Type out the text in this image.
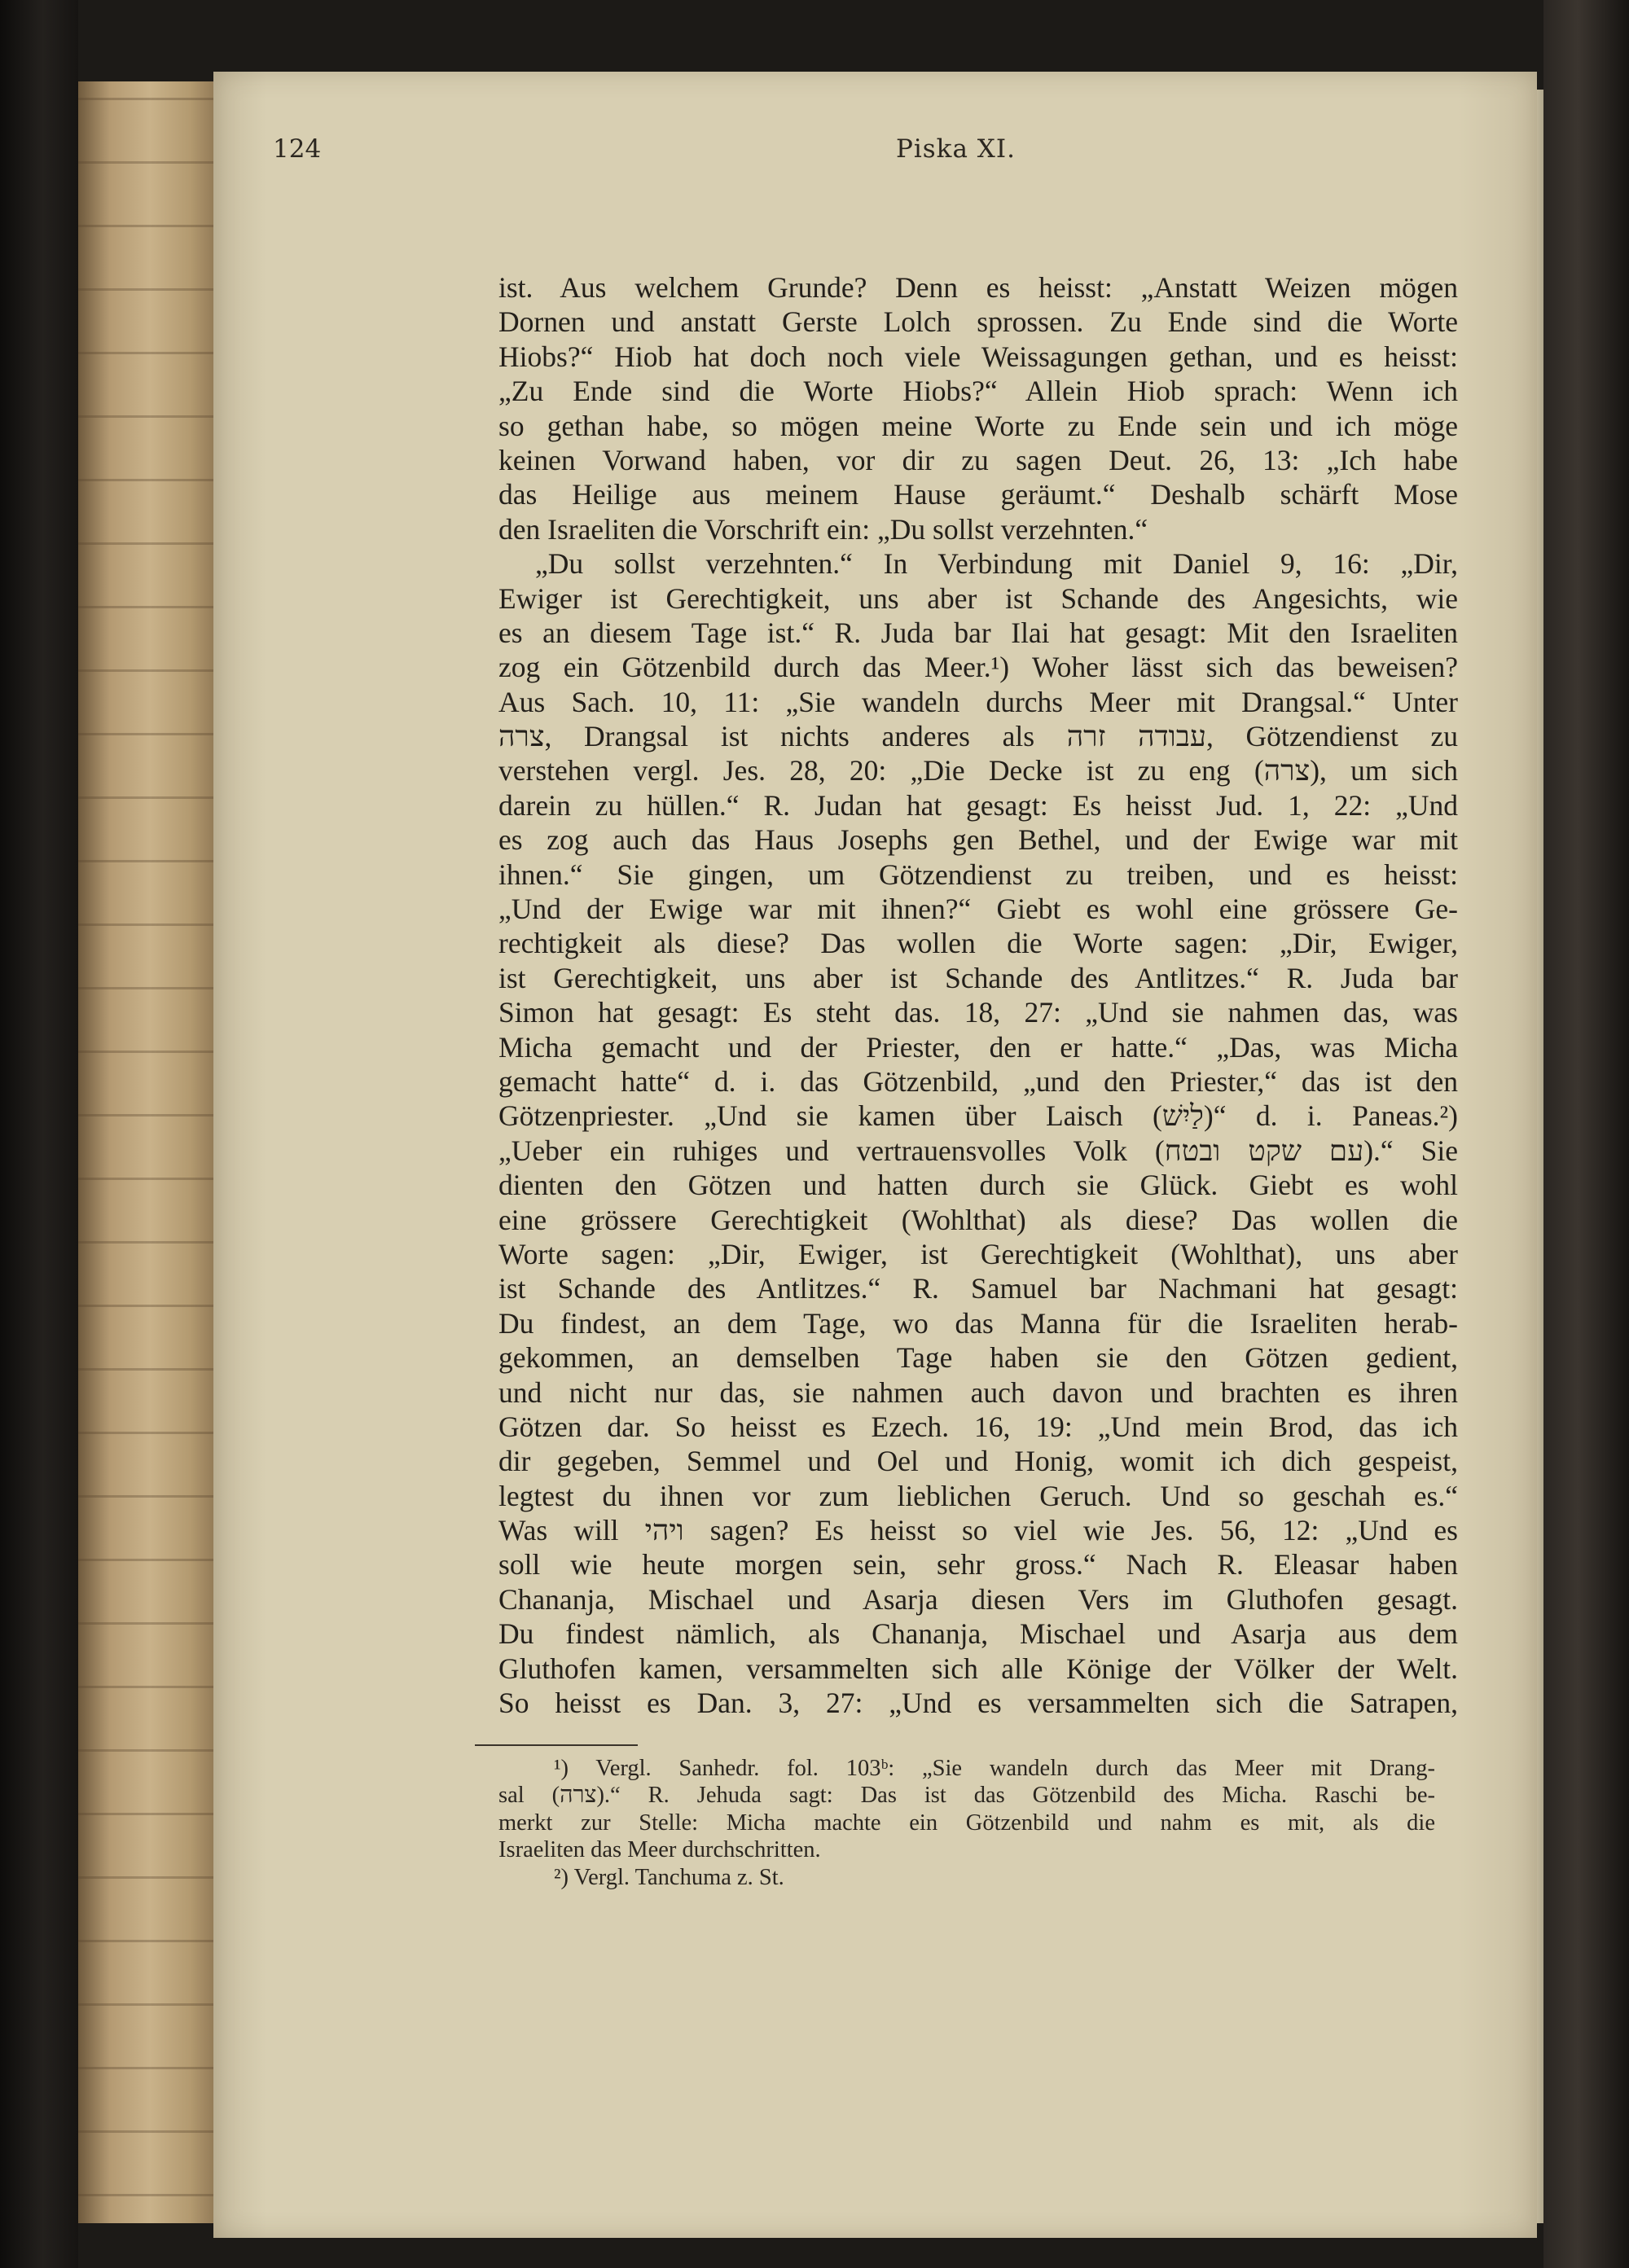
124	Piska XI.
ist. Aus welchem Grunde? Denn es heisst: „Anstatt Weizen mögen
Dornen und anstatt Gerste Lolch sprossen. Zu Ende sind die Worte
Hiobs?“ Hiob hat doch noch viele Weissagungen gethan, und es heisst:
„Zu Ende sind die Worte Hiobs?“ Allein Hiob sprach: Wenn ich
so gethan habe, so mögen meine Worte zu Ende sein und ich möge
keinen Vorwand haben, vor dir zu sagen Deut. 26, 13: „Ich habe
das Heilige aus meinem Hause geräumt.“ Deshalb schärft Mose
den Israeliten die Vorschrift ein: „Du sollst verzehnten.“
„Du sollst verzehnten.“ In Verbindung mit Daniel 9, 16: „Dir,
Ewiger ist Gerechtigkeit, uns aber ist Schande des Angesichts, wie
es an diesem Tage ist.“ R. Juda bar Ilai hat gesagt: Mit den Israeliten
zog ein Götzenbild durch das Meer.¹) Woher lässt sich das beweisen?
Aus Sach. 10, 11: „Sie wandeln durchs Meer mit Drangsal.“ Unter
צרה, Drangsal ist nichts anderes als עבודה זרה, Götzendienst zu
verstehen vergl. Jes. 28, 20: „Die Decke ist zu eng (צרה), um sich
darein zu hüllen.“ R. Judan hat gesagt: Es heisst Jud. 1, 22: „Und
es zog auch das Haus Josephs gen Bethel, und der Ewige war mit
ihnen.“ Sie gingen, um Götzendienst zu treiben, und es heisst:
„Und der Ewige war mit ihnen?“ Giebt es wohl eine grössere Ge-
rechtigkeit als diese? Das wollen die Worte sagen: „Dir, Ewiger,
ist Gerechtigkeit, uns aber ist Schande des Antlitzes.“ R. Juda bar
Simon hat gesagt: Es steht das. 18, 27: „Und sie nahmen das, was
Micha gemacht und der Priester, den er hatte.“ „Das, was Micha
gemacht hatte“ d. i. das Götzenbild, „und den Priester,“ das ist den
Götzenpriester. „Und sie kamen über Laisch (לַיִשׁ)“ d. i. Paneas.²)
„Ueber ein ruhiges und vertrauensvolles Volk (עם שקט ובטח).“ Sie
dienten den Götzen und hatten durch sie Glück. Giebt es wohl
eine grössere Gerechtigkeit (Wohlthat) als diese? Das wollen die
Worte sagen: „Dir, Ewiger, ist Gerechtigkeit (Wohlthat), uns aber
ist Schande des Antlitzes.“ R. Samuel bar Nachmani hat gesagt:
Du findest, an dem Tage, wo das Manna für die Israeliten herab-
gekommen, an demselben Tage haben sie den Götzen gedient,
und nicht nur das, sie nahmen auch davon und brachten es ihren
Götzen dar. So heisst es Ezech. 16, 19: „Und mein Brod, das ich
dir gegeben, Semmel und Oel und Honig, womit ich dich gespeist,
legtest du ihnen vor zum lieblichen Geruch. Und so geschah es.“
Was will ויהי sagen? Es heisst so viel wie Jes. 56, 12: „Und es
soll wie heute morgen sein, sehr gross.“ Nach R. Eleasar haben
Chananja, Mischael und Asarja diesen Vers im Gluthofen gesagt.
Du findest nämlich, als Chananja, Mischael und Asarja aus dem
Gluthofen kamen, versammelten sich alle Könige der Völker der Welt.
So heisst es Dan. 3, 27: „Und es versammelten sich die Satrapen,
¹) Vergl. Sanhedr. fol. 103ᵇ: „Sie wandeln durch das Meer mit Drang-
sal (צרה).“ R. Jehuda sagt: Das ist das Götzenbild des Micha. Raschi be-
merkt zur Stelle: Micha machte ein Götzenbild und nahm es mit, als die
Israeliten das Meer durchschritten.
²) Vergl. Tanchuma z. St.
